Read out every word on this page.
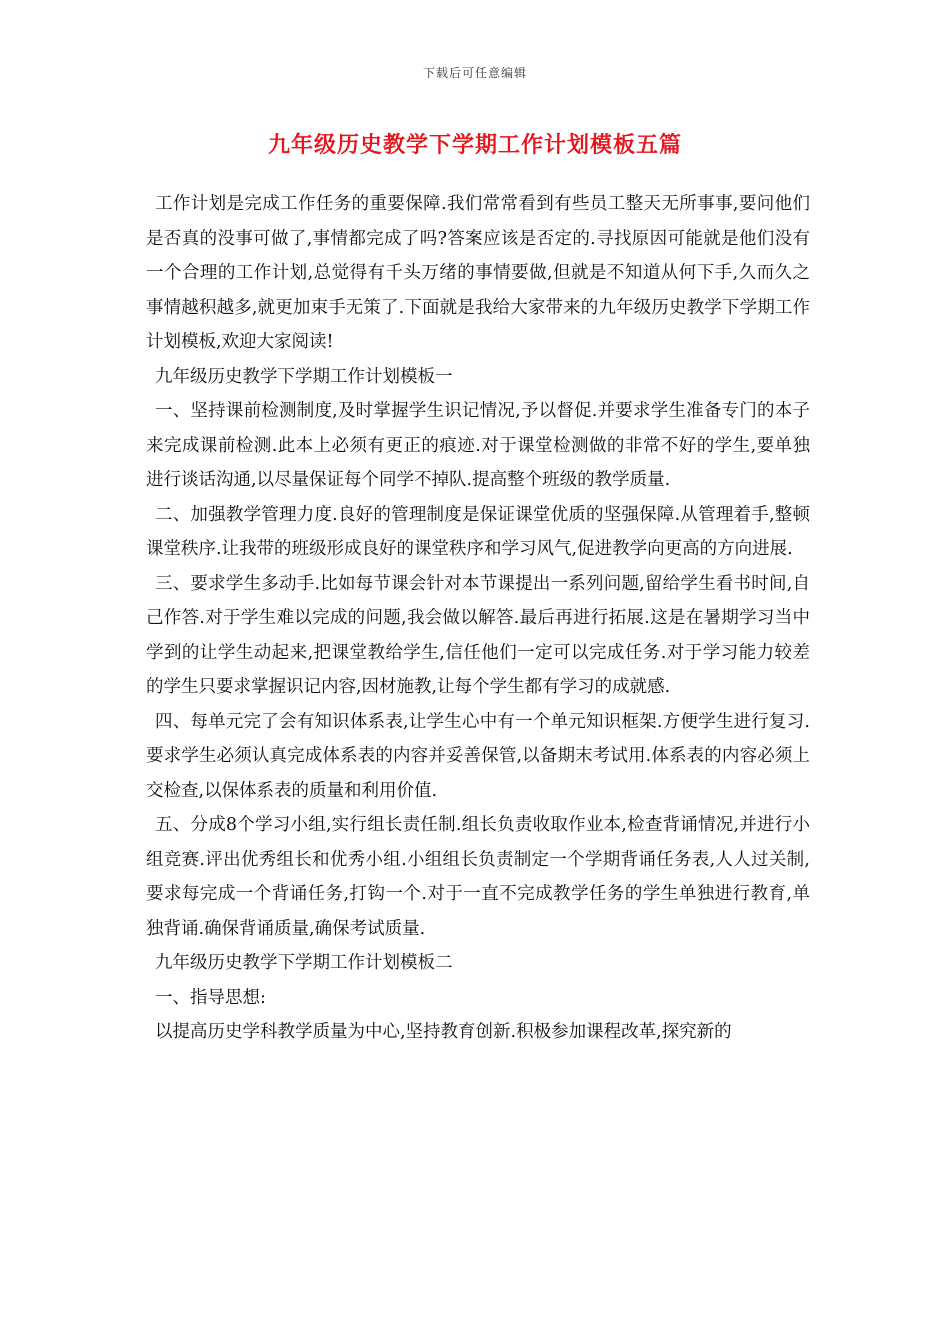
下载后可任意编辑
九年级历史教学下学期工作计划模板五篇

工作计划是完成工作任务的重要保障.我们常常看到有些员工整天无所事事,要问他们是否真的没事可做了,事情都完成了吗?答案应该是否定的.寻找原因可能就是他们没有一个合理的工作计划,总觉得有千头万绪的事情要做,但就是不知道从何下手,久而久之事情越积越多,就更加束手无策了.下面就是我给大家带来的九年级历史教学下学期工作计划模板,欢迎大家阅读!

九年级历史教学下学期工作计划模板一

一、坚持课前检测制度,及时掌握学生识记情况,予以督促.并要求学生准备专门的本子来完成课前检测.此本上必须有更正的痕迹.对于课堂检测做的非常不好的学生,要单独进行谈话沟通,以尽量保证每个同学不掉队.提高整个班级的教学质量.

二、加强教学管理力度.良好的管理制度是保证课堂优质的坚强保障.从管理着手,整顿课堂秩序.让我带的班级形成良好的课堂秩序和学习风气,促进教学向更高的方向进展.

三、要求学生多动手.比如每节课会针对本节课提出一系列问题,留给学生看书时间,自己作答.对于学生难以完成的问题,我会做以解答.最后再进行拓展.这是在暑期学习当中学到的让学生动起来,把课堂教给学生,信任他们一定可以完成任务.对于学习能力较差的学生只要求掌握识记内容,因材施教,让每个学生都有学习的成就感.

四、每单元完了会有知识体系表,让学生心中有一个单元知识框架.方便学生进行复习.要求学生必须认真完成体系表的内容并妥善保管,以备期末考试用.体系表的内容必须上交检查,以保体系表的质量和利用价值.

五、分成8个学习小组,实行组长责任制.组长负责收取作业本,检查背诵情况,并进行小组竞赛.评出优秀组长和优秀小组.小组组长负责制定一个学期背诵任务表,人人过关制,要求每完成一个背诵任务,打钩一个.对于一直不完成教学任务的学生单独进行教育,单独背诵.确保背诵质量,确保考试质量.

九年级历史教学下学期工作计划模板二

一、指导思想:

以提高历史学科教学质量为中心,坚持教育创新.积极参加课程改革,探究新的
